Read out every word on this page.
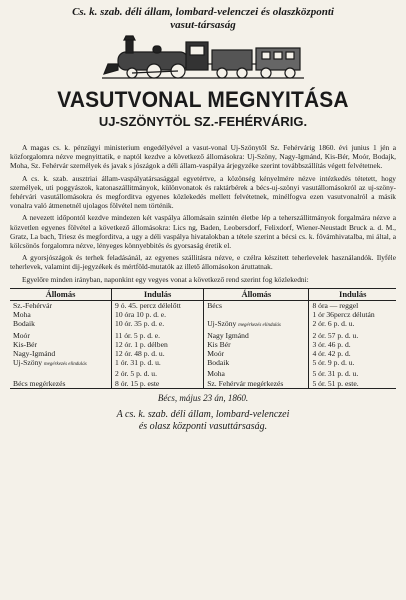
Cs. k. szab. déli állam, lombard-velenczei és olaszközponti
vasut-társaság
VASUTVONAL MEGNYITÁSA
UJ-SZÖNYTÖL SZ.-FEHÉRVÁRIG.

A magas cs. k. pénzügyi ministerium engedélyével a vasut-vonal Uj-Szönytől Sz. Fehérvárig 1860. évi junius 1 jén a közforgalomra nézve megnyittatik, e naptól kezdve a következő állomásokra: Uj-Szöny, Nagy-Igmánd, Kis-Bér, Moór, Bodajk, Moha, Sz. Fehérvár személyek és javak s jószágok a déli állam-vaspálya árjegyzéke szerint továbbszállítás végett felvétetnek.

A cs. k. szab. ausztriai állam-vaspályatársasággal egyetértve, a közönség kényelmére nézve intézkedés tétetett, hogy személyek, uti poggyászok, katonaszállitmányok, különvonatok és raktárbérek a bécs-uj-szönyi vasutállomásokról az uj-szöny-fehérvári vasutállomásokra és megforditva egyenes közlekedés mellett felvétetnek, minélfogva ezen vasutvonalról a másik vonalra való átmenetnél ujolagos fölvétel nem történik.

A nevezett időpontól kezdve mindezen két vaspálya állomásain szintén életbe lép a teherszállitmányok forgalmára nézve a közvetlen egyenes fölvétel a következő állomásokra: Lics ng, Baden, Leobersdorf, Felixdorf, Wiener-Neustadt Bruck a. d. M., Gratz, La bach, Triesz és megforditva, a ugy a déli vaspálya hivatalokban a tétele szerint a bécsi cs. k. fővámhivatalba, mi által, a kölcsönös forgalomra nézve, lényeges könnyebbités és gyorsaság éretik el.

A gyorsjószágok és terhek feladásánál, az egyenes szállitásra nézve, e czélra készitett teherlevelek használandók. Ilyféle teherlevek, valamint dij-jegyzékek és mértföld-mutatók az illető állomásokon áruttatnak.

Egyelőre minden irányban, naponkint egy vegyes vonat a következő rend szerint fog közlekedni:

Állomás	Indulás	Állomás	Indulás
Sz.-Fehérvár	9 ó. 45. percz délelőtt	Bécs	8 óra — reggel
Moha	10 óra 10 p. d. e.		1 ór 36percz délután
Bodaik	10 ór. 35 p. d. e.	Uj-Szöny megérkezés elindulás	2 ór. 6 p. d. u.
Moór	11 ór. 5 p. d. e.	Nagy Igmánd	2 ór. 57 p. d. u.
Kis-Bér	12 ór. 1 p. délben	Kis Bér	3 ór. 46 p. d.
Nagy-Igmánd	12 ór. 48 p. d. u.	Moór	4 ór. 42 p. d.
Uj-Szöny megérkezés elindulás	1 ór. 31 p. d. u.	Bodaik	5 ór. 9 p. d. u.
	2 ór. 5 p. d. u.	Moha	5 ór. 31 p. d. u.
Bécs megérkezés	8 ór. 15 p. este	Sz. Fehérvár megérkezés	5 ór. 51 p. este.
Bécs, május 23 án, 1860.
A cs. k. szab. déli állam, lombard-velenczei
és olasz központi vasuttársaság.
